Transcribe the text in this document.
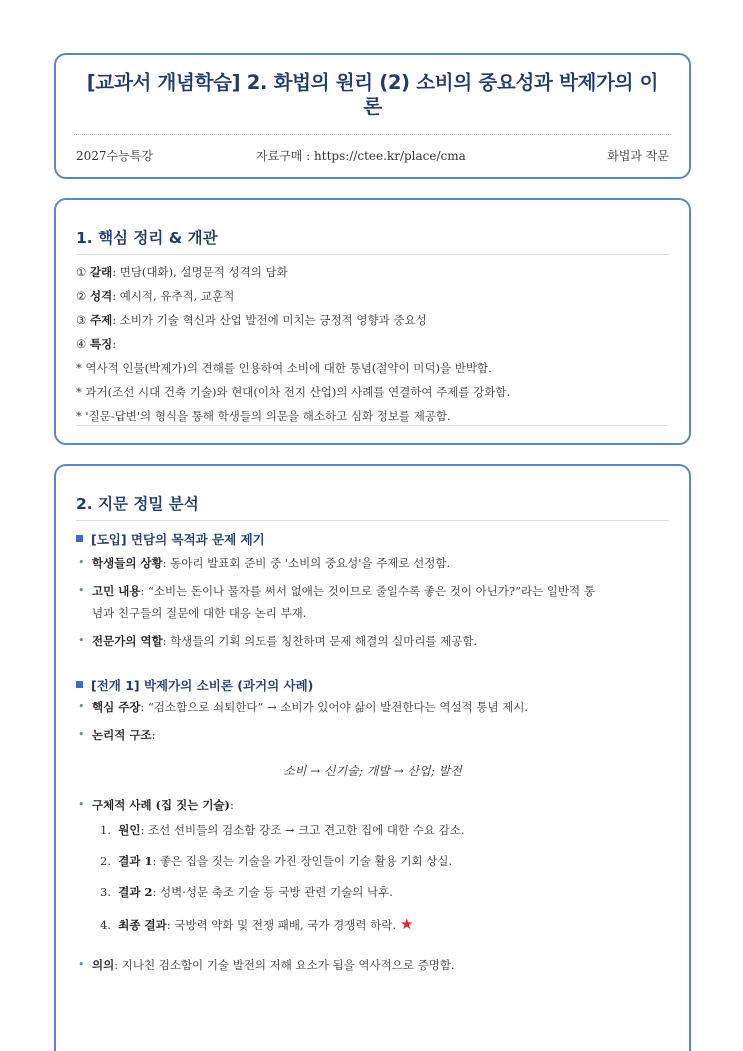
[교과서 개념학습] 2. 화법의 원리 (2) 소비의 중요성과 박제가의 이
론
2027수능특강	자료구매 : https://ctee.kr/place/cma	화법과 작문
1. 핵심 정리 & 개관
① 갈래: 면담(대화), 설명문적 성격의 담화
② 성격: 예시적, 유추적, 교훈적
③ 주제: 소비가 기술 혁신과 산업 발전에 미치는 긍정적 영향과 중요성
④ 특징:
* 역사적 인물(박제가)의 견해를 인용하여 소비에 대한 통념(절약이 미덕)을 반박함.
* 과거(조선 시대 건축 기술)와 현대(이차 전지 산업)의 사례를 연결하여 주제를 강화함.
* '질문-답변'의 형식을 통해 학생들의 의문을 해소하고 심화 정보를 제공함.
2. 지문 정밀 분석
[도입] 면담의 목적과 문제 제기
• 학생들의 상황: 동아리 발표회 준비 중 '소비의 중요성'을 주제로 선정함.
• 고민 내용: “소비는 돈이나 물자를 써서 없애는 것이므로 줄일수록 좋은 것이 아닌가?”라는 일반적 통
념과 친구들의 질문에 대한 대응 논리 부재.
• 전문가의 역할: 학생들의 기획 의도를 칭찬하며 문제 해결의 실마리를 제공함.
[전개 1] 박제가의 소비론 (과거의 사례)
• 핵심 주장: “검소함으로 쇠퇴한다” → 소비가 있어야 삶이 발전한다는 역설적 통념 제시.
• 논리적 구조:
소비 → 신기술; 개발 → 산업; 발전
• 구체적 사례 (집 짓는 기술):
1. 원인: 조선 선비들의 검소함 강조 → 크고 견고한 집에 대한 수요 감소.
2. 결과 1: 좋은 집을 짓는 기술을 가진 장인들이 기술 활용 기회 상실.
3. 결과 2: 성벽·성문 축조 기술 등 국방 관련 기술의 낙후.
4. 최종 결과: 국방력 약화 및 전쟁 패배, 국가 경쟁력 하락. ★
• 의의: 지나친 검소함이 기술 발전의 저해 요소가 됨을 역사적으로 증명함.
